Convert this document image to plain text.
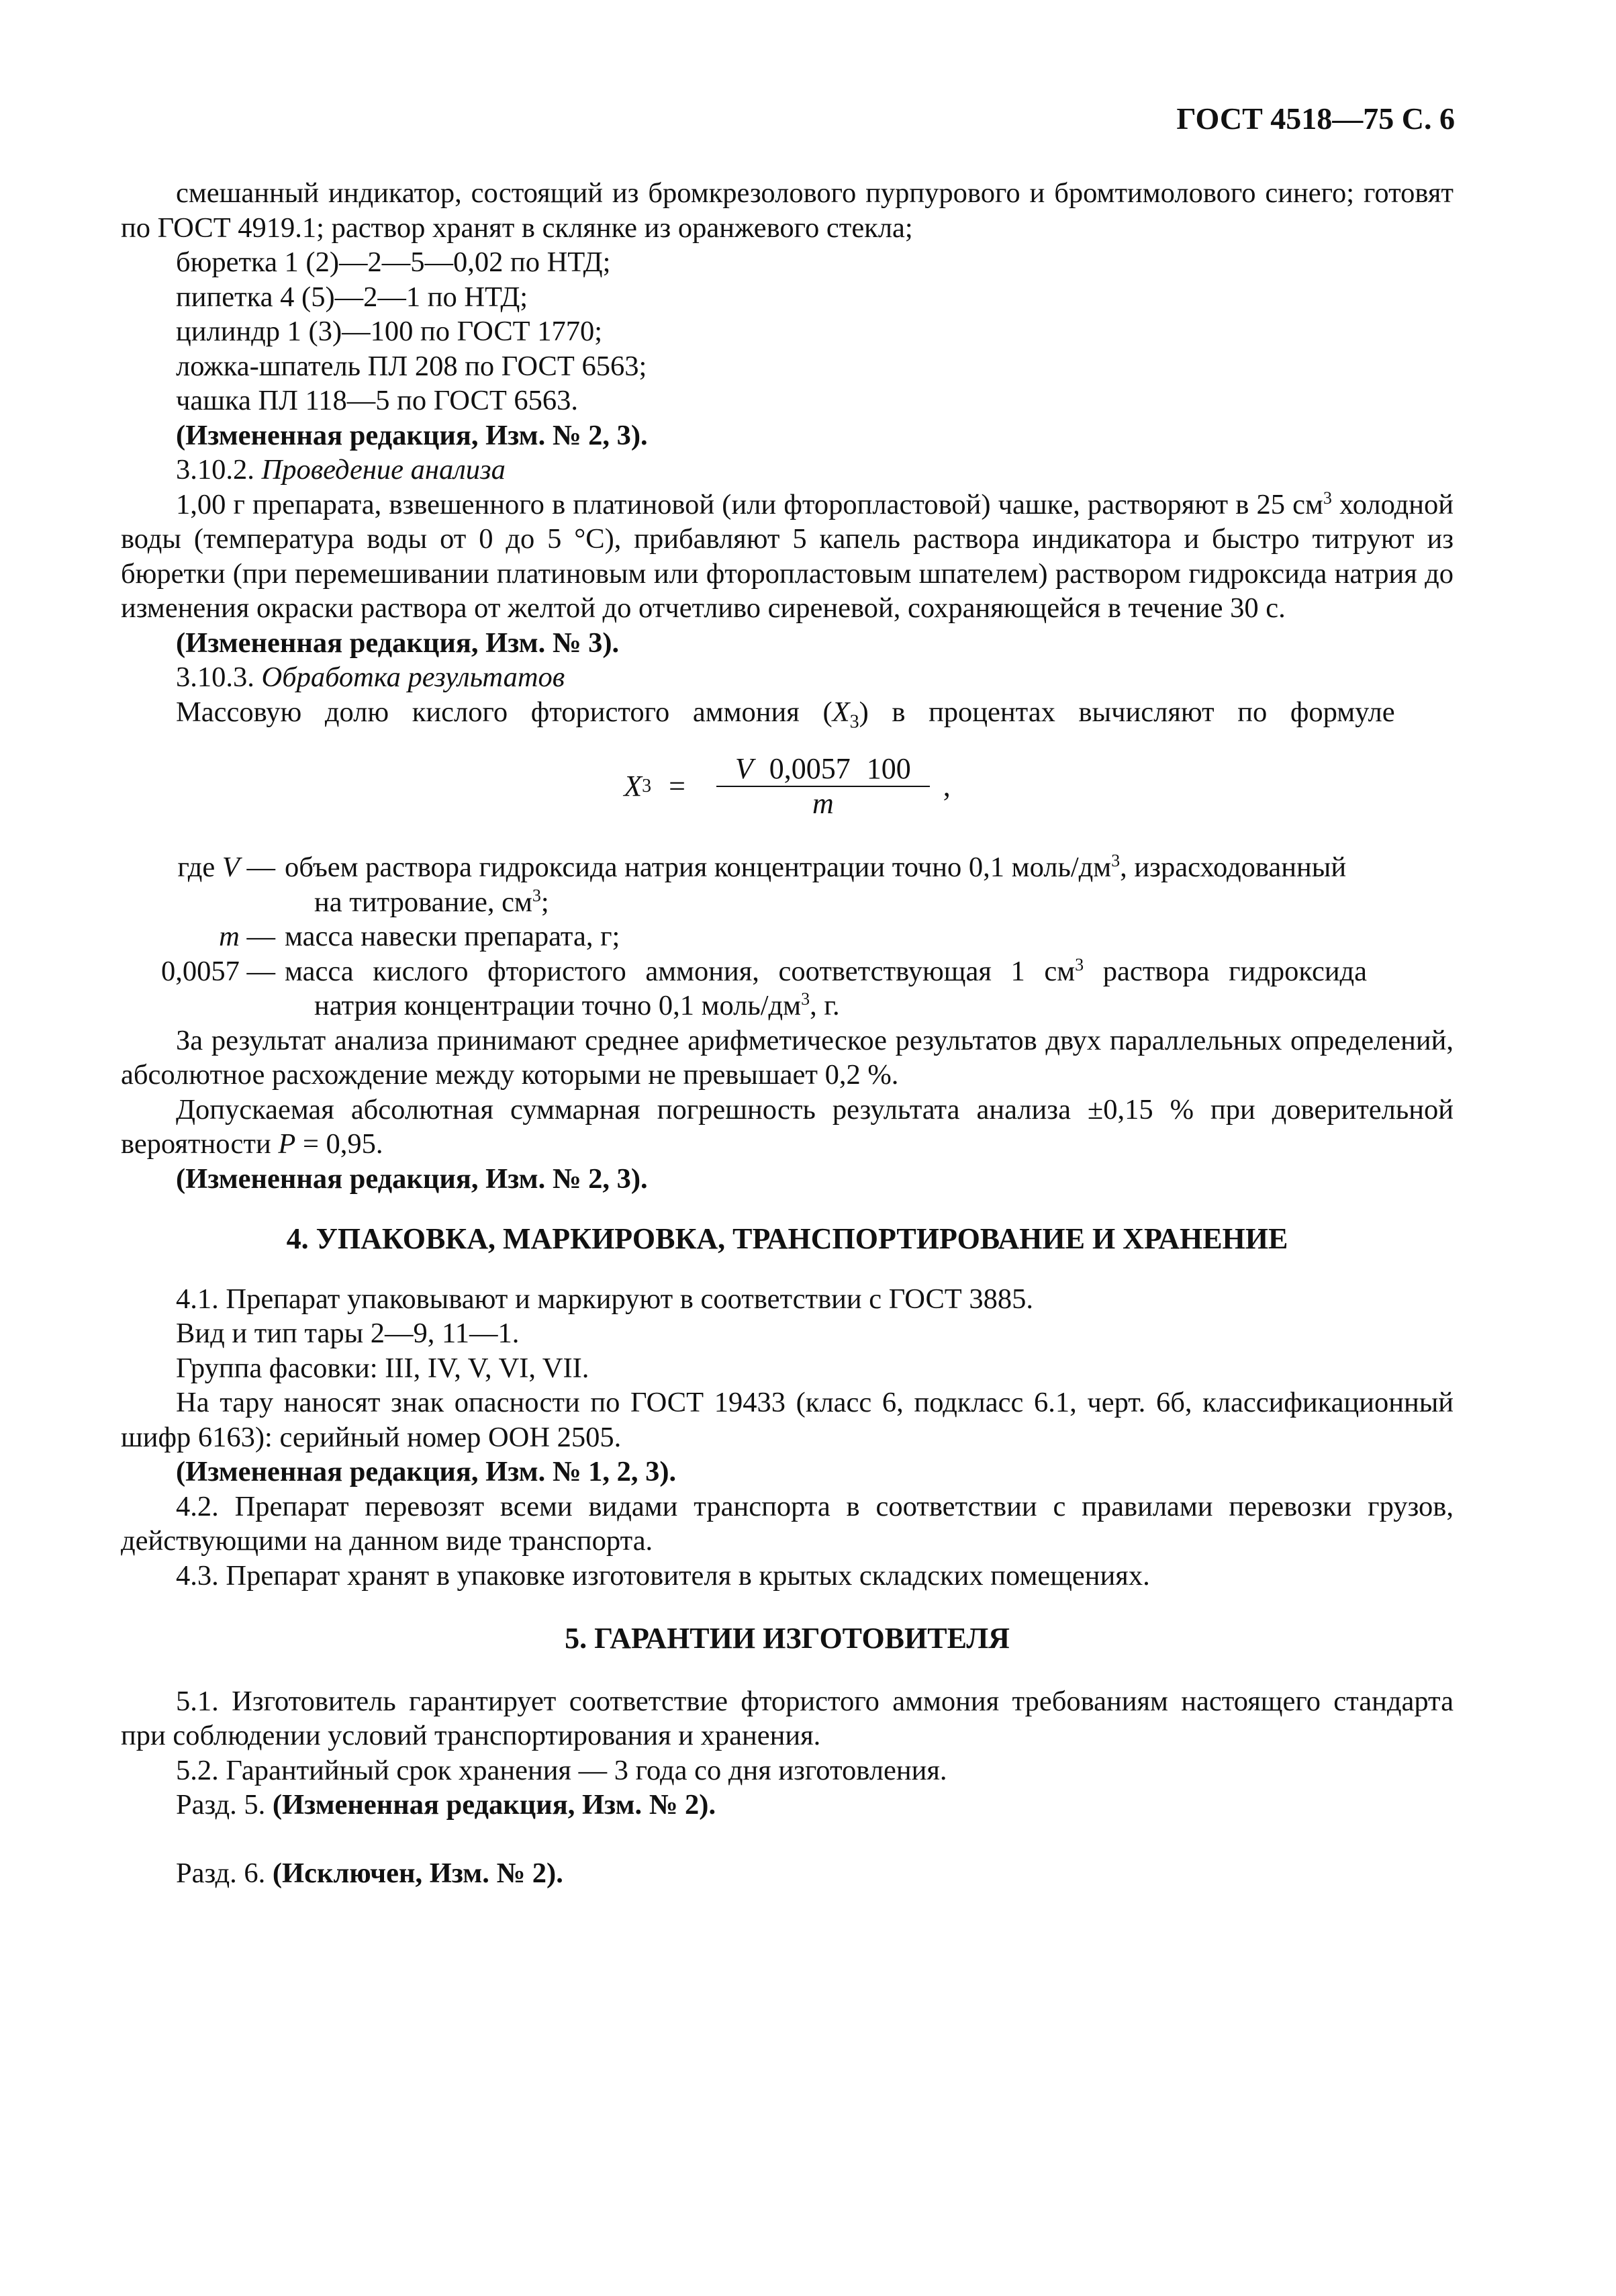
ГОСТ 4518—75 С. 6
смешанный индикатор, состоящий из бромкрезолового пурпурового и бромтимолового синего; готовят по ГОСТ 4919.1; раствор хранят в склянке из оранжевого стекла;
бюретка 1 (2)—2—5—0,02 по НТД;
пипетка 4 (5)—2—1 по НТД;
цилиндр 1 (3)—100 по ГОСТ 1770;
ложка-шпатель ПЛ 208 по ГОСТ 6563;
чашка ПЛ 118—5 по ГОСТ 6563.
(Измененная редакция, Изм. № 2, 3).
3.10.2. Проведение анализа
1,00 г препарата, взвешенного в платиновой (или фторопластовой) чашке, растворяют в 25 $см^3$ холодной воды (температура воды от 0 до 5 °С), прибавляют 5 капель раствора индикатора и быстро титруют из бюретки (при перемешивании платиновым или фторопластовым шпателем) раствором гидроксида натрия до изменения окраски раствора от желтой до отчетливо сиреневой, сохраняющейся в течение 30 с.
(Измененная редакция, Изм. № 3).
3.10.3. Обработка результатов
Массовую долю кислого фтористого аммония $(X_3)$ в процентах вычисляют по формуле
X $3 = \frac{V 0,0057 100}{m}$ ,
где V — объем раствора гидроксида натрия концентрации точно 0,1 моль/$дм^3$, израсходованный
на титрование, $см^3$;
m — масса навески препарата, г;
0,0057 — масса кислого фтористого аммония, соответствующая 1 $см^3$ раствора гидроксида
натрия концентрации точно 0,1 моль/$дм^3$, г.
За результат анализа принимают среднее арифметическое результатов двух параллельных определений, абсолютное расхождение между которыми не превышает 0,2 %.
Допускаемая абсолютная суммарная погрешность результата анализа ±0,15 % при доверительной вероятности P = 0,95.
(Измененная редакция, Изм. № 2, 3).
4. УПАКОВКА, МАРКИРОВКА, ТРАНСПОРТИРОВАНИЕ И ХРАНЕНИЕ
4.1. Препарат упаковывают и маркируют в соответствии с ГОСТ 3885.
Вид и тип тары 2—9, 11—1.
Группа фасовки: III, IV, V, VI, VII.
На тару наносят знак опасности по ГОСТ 19433 (класс 6, подкласс 6.1, черт. 6б, классификационный шифр 6163): серийный номер ООН 2505.
(Измененная редакция, Изм. № 1, 2, 3).
4.2. Препарат перевозят всеми видами транспорта в соответствии с правилами перевозки грузов, действующими на данном виде транспорта.
4.3. Препарат хранят в упаковке изготовителя в крытых складских помещениях.
5. ГАРАНТИИ ИЗГОТОВИТЕЛЯ
5.1. Изготовитель гарантирует соответствие фтористого аммония требованиям настоящего стандарта при соблюдении условий транспортирования и хранения.
5.2. Гарантийный срок хранения — 3 года со дня изготовления.
Разд. 5. (Измененная редакция, Изм. № 2).
Разд. 6. (Исключен, Изм. № 2).
